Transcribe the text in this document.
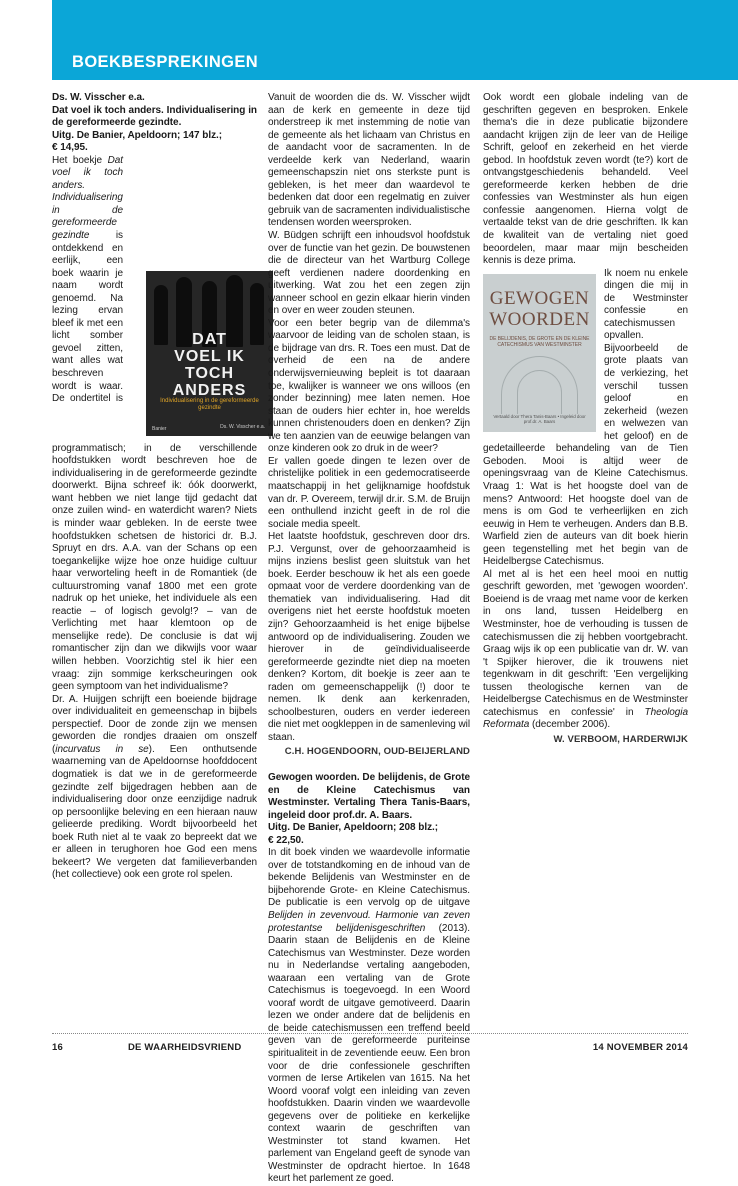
BOEKBESPREKINGEN

Ds. W. Visscher e.a.

Dat voel ik toch anders. Individualisering in de gereformeerde gezindte.

Uitg. De Banier, Apeldoorn; 147 blz.;

€ 14,95.

Het boekje Dat voel ik toch anders. Individualisering in de gereformeerde gezindte is ontdekkend en eerlijk, een boek waarin je naam wordt genoemd. Na lezing ervan bleef ik met een licht somber gevoel zitten, want alles wat beschreven wordt is waar. De ondertitel is programmatisch; in de verschillende hoofdstukken wordt beschreven hoe de individualisering in de gereformeerde gezindte doorwerkt. Bijna schreef ik: óók doorwerkt, want hebben we niet lange tijd gedacht dat onze zuilen wind- en waterdicht waren? Niets is minder waar gebleken. In de eerste twee hoofdstukken schetsen de historici dr. B.J. Spruyt en drs. A.A. van der Schans op een toegankelijke wijze hoe onze huidige cultuur haar verworteling heeft in de Romantiek (de cultuurstroming vanaf 1800 met een grote nadruk op het unieke, het individuele als een reactie – of logisch gevolg!? – van de Verlichting met haar klemtoon op de menselijke rede). De conclusie is dat wij romantischer zijn dan we dikwijls voor waar willen hebben. Voorzichtig stel ik hier een vraag: zijn sommige kerkscheuringen ook geen symptoom van het individualisme?

Dr. A. Huijgen schrijft een boeiende bijdrage over individualiteit en gemeenschap in bijbels perspectief. Door de zonde zijn we mensen geworden die rondjes draaien om onszelf (incurvatus in se). Een onthutsende waarneming van de Apeldoornse hoofddocent dogmatiek is dat we in de gereformeerde gezindte zelf bijgedragen hebben aan de individualisering door onze eenzijdige nadruk op persoonlijke beleving en een hieraan nauw gelieerde prediking. Wordt bijvoorbeeld het boek Ruth niet al te vaak zo bepreekt dat we er alleen in terughoren hoe God een mens bekeert? We vergeten dat familieverbanden (het collectieve) ook een grote rol spelen.

DAT
VOEL IK
TOCH
ANDERS
Individualisering in de gereformeerde gezindte
Banier	Ds. W. Visscher e.a.

Vanuit de woorden die ds. W. Visscher wijdt aan de kerk en gemeente in deze tijd onderstreep ik met instemming de notie van de gemeente als het lichaam van Christus en de aandacht voor de sacramenten. In de verdeelde kerk van Nederland, waarin gemeenschapszin niet ons sterkste punt is gebleken, is het meer dan waardevol te bedenken dat door een regelmatig en zuiver gebruik van de sacramenten individualistische tendensen worden weersproken.

W. Büdgen schrijft een inhoudsvol hoofdstuk over de functie van het gezin. De bouwstenen die de directeur van het Wartburg College geeft verdienen nadere doordenking en uitwerking. Wat zou het een zegen zijn wanneer school en gezin elkaar hierin vinden en over en weer zouden steunen.

Voor een beter begrip van de dilemma's waarvoor de leiding van de scholen staan, is de bijdrage van drs. R. Toes een must. Dat de overheid de een na de andere onderwijsvernieuwing bepleit is tot daaraan toe, kwalijker is wanneer we ons willoos (en zonder bezinning) mee laten nemen. Hoe staan de ouders hier echter in, hoe werelds kunnen christenouders doen en denken? Zijn we ten aanzien van de eeuwige belangen van onze kinderen ook zo druk in de weer?

Er vallen goede dingen te lezen over de christelijke politiek in een gedemocratiseerde maatschappij in het gelijknamige hoofdstuk van dr. P. Overeem, terwijl dr.ir. S.M. de Bruijn een onthullend inzicht geeft in de rol die sociale media speelt.

Het laatste hoofdstuk, geschreven door drs. P.J. Vergunst, over de gehoorzaamheid is mijns inziens beslist geen sluitstuk van het boek. Eerder beschouw ik het als een goede opmaat voor de verdere doordenking van de thematiek van individualisering. Had dit overigens niet het eerste hoofdstuk moeten zijn? Gehoorzaamheid is het enige bijbelse antwoord op de individualisering. Zouden we hierover in de geïndividualiseerde gereformeerde gezindte niet diep na moeten denken? Kortom, dit boekje is zeer aan te raden om gemeenschappelijk (!) door te nemen. Ik denk aan kerkenraden, schoolbesturen, ouders en verder iedereen die niet met oogkleppen in de samenleving wil staan.

C.H. HOGENDOORN, OUD-BEIJERLAND

Gewogen woorden. De belijdenis, de Grote en de Kleine Catechismus van Westminster. Vertaling Thera Tanis-Baars, ingeleid door prof.dr. A. Baars.

Uitg. De Banier, Apeldoorn; 208 blz.;

€ 22,50.

In dit boek vinden we waardevolle informatie over de totstandkoming en de inhoud van de bekende Belijdenis van Westminster en de bijbehorende Grote- en Kleine Catechismus. De publicatie is een vervolg op de uitgave Belijden in zevenvoud. Harmonie van zeven protestantse belijdenisgeschriften (2013). Daarin staan de Belijdenis en de Kleine Catechismus van Westminster. Deze worden nu in Nederlandse vertaling aangeboden, waaraan een vertaling van de Grote Catechismus is toegevoegd. In een Woord vooraf wordt de uitgave gemotiveerd. Daarin lezen we onder andere dat de belijdenis en de beide catechismussen een treffend beeld geven van de gereformeerde puriteinse spiritualiteit in de zeventiende eeuw. Een bron voor de drie confessionele geschriften vormen de Ierse Artikelen van 1615. Na het Woord vooraf volgt een inleiding van zeven hoofdstukken. Daarin vinden we waardevolle gegevens over de politieke en kerkelijke context waarin de geschriften van Westminster tot stand kwamen. Het parlement van Engeland geeft de synode van Westminster de opdracht hiertoe. In 1648 keurt het parlement ze goed.

Ook wordt een globale indeling van de geschriften gegeven en besproken. Enkele thema's die in deze publicatie bijzondere aandacht krijgen zijn de leer van de Heilige Schrift, geloof en zekerheid en het vierde gebod. In hoofdstuk zeven wordt (te?) kort de ontvangstgeschiedenis behandeld. Veel gereformeerde kerken hebben de drie confessies van Westminster als hun eigen confessie aangenomen. Hierna volgt de vertaalde tekst van de drie geschriften. Ik kan de kwaliteit van de vertaling niet goed beoordelen, maar maar mijn bescheiden kennis is deze prima.

GEWOGEN
WOORDEN
DE BELIJDENIS, DE GROTE EN DE KLEINE CATECHISMUS VAN WESTMINSTER
Vertaald door Thera Tanis-Baars • Ingeleid door prof.dr. A. Baars

Ik noem nu enkele dingen die mij in de Westminster confessie en catechismussen opvallen. Bijvoorbeeld de grote plaats van de verkiezing, het verschil tussen geloof en zekerheid (wezen en welwezen van het geloof) en de gedetailleerde behandeling van de Tien Geboden. Mooi is altijd weer de openingsvraag van de Kleine Catechismus. Vraag 1: Wat is het hoogste doel van de mens? Antwoord: Het hoogste doel van de mens is om God te verheerlijken en zich eeuwig in Hem te verheugen. Anders dan B.B. Warfield zien de auteurs van dit boek hierin geen tegenstelling met het begin van de Heidelbergse Catechismus.

Al met al is het een heel mooi en nuttig geschrift geworden, met 'gewogen woorden'. Boeiend is de vraag met name voor de kerken in ons land, tussen Heidelberg en Westminster, hoe de verhouding is tussen de catechismussen die zij hebben voortgebracht. Graag wijs ik op een publicatie van dr. W. van 't Spijker hierover, die ik trouwens niet tegenkwam in dit geschrift: 'Een vergelijking tussen theologische kernen van de Heidelbergse Catechismus en de Westminster catechismus en confessie' in Theologia Reformata (december 2006).

W. VERBOOM, HARDERWIJK

16	DE WAARHEIDSVRIEND	14 NOVEMBER 2014
